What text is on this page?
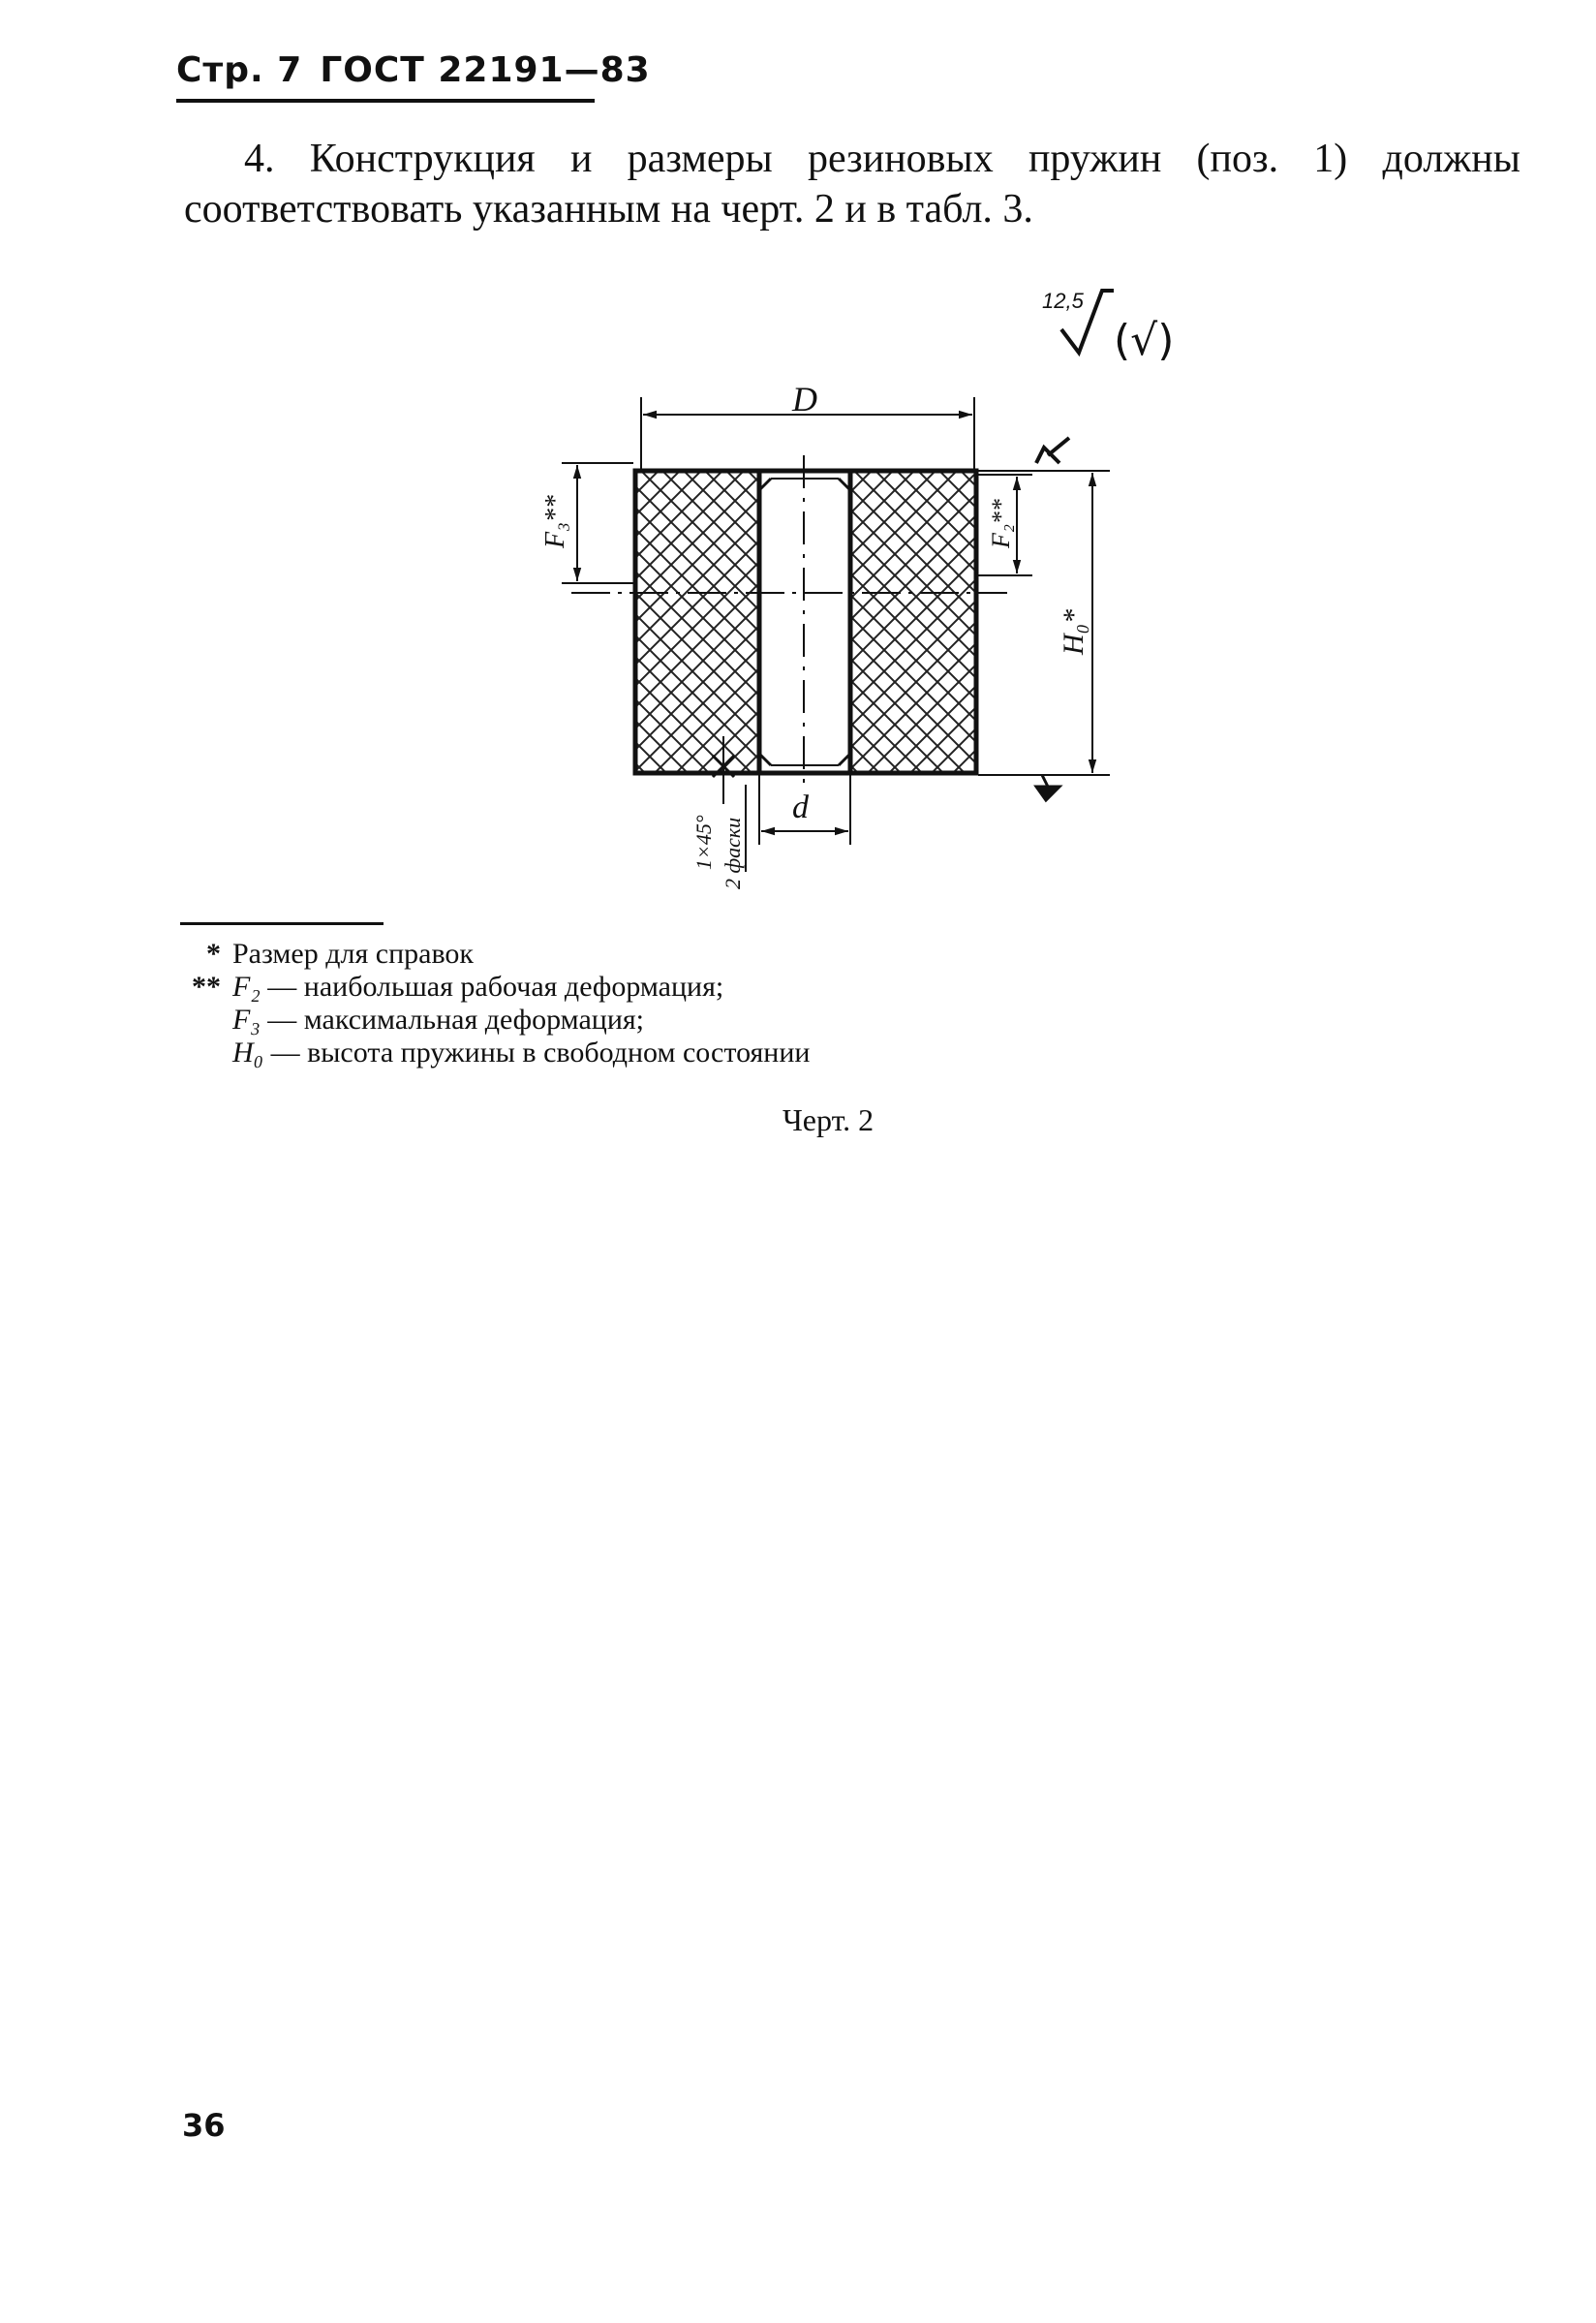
Стр. 7 ГОСТ 22191—83
4. Конструкция и размеры резиновых пружин (поз. 1) должны
соответствовать указанным на черт. 2 и в табл. 3.
12,5
(√)
D
F₃**	F₂**
H₀*
d
1×45° 2 фаски
* Размер для справок
** F₂ — наибольшая рабочая деформация;
F₃ — максимальная деформация;
H₀ — высота пружины в свободном состоянии
Черт. 2
36
